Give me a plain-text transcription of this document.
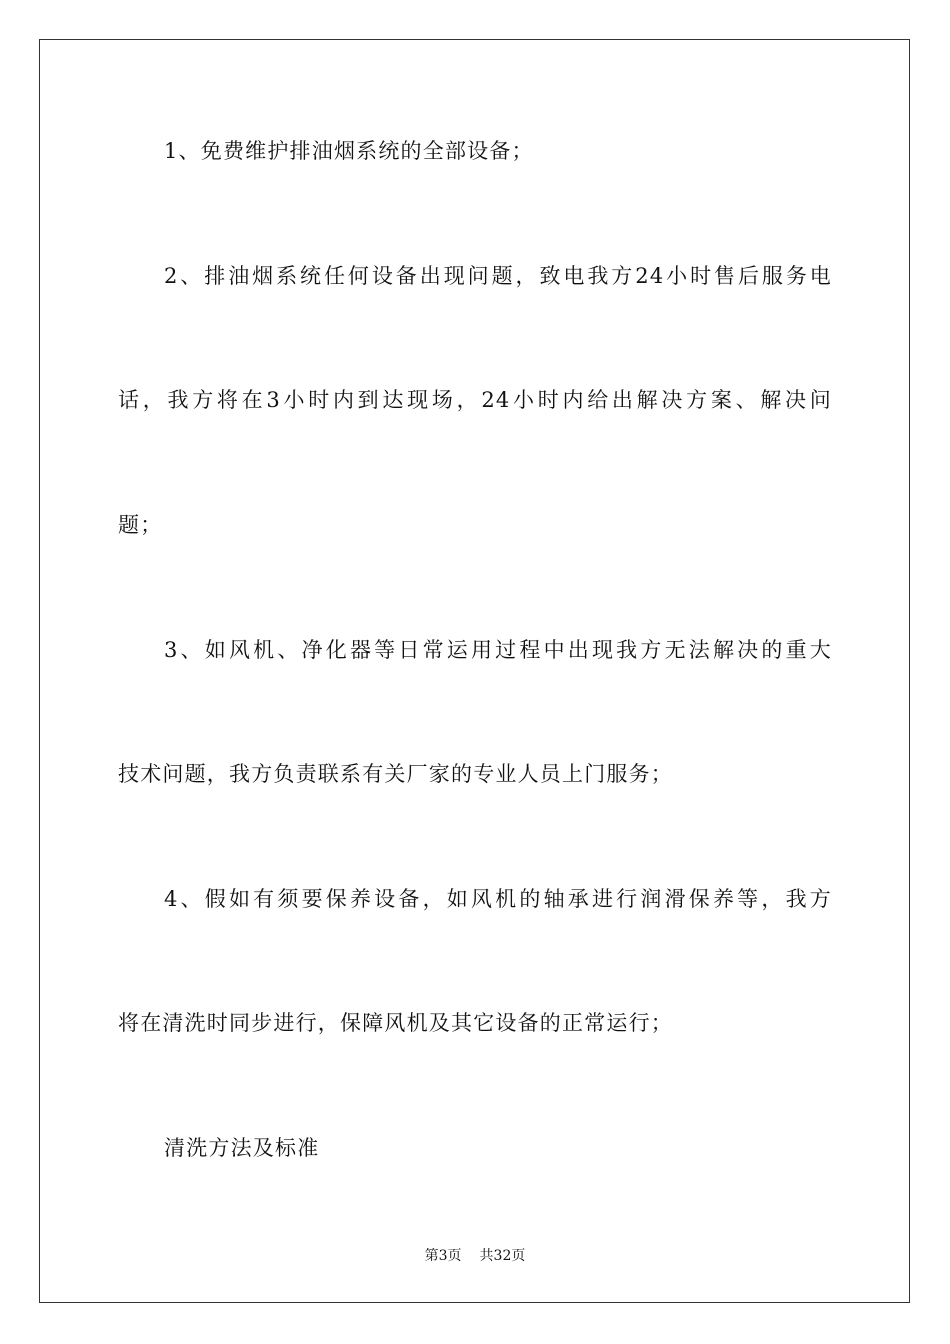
1、免费维护排油烟系统的全部设备；
2、排油烟系统任何设备出现问题，致电我方24小时售后服务电
话，我方将在3小时内到达现场，24小时内给出解决方案、解决问
题；
3、如风机、净化器等日常运用过程中出现我方无法解决的重大
技术问题，我方负责联系有关厂家的专业人员上门服务；
4、假如有须要保养设备，如风机的轴承进行润滑保养等，我方
将在清洗时同步进行，保障风机及其它设备的正常运行；
清洗方法及标准
第3页 共32页
